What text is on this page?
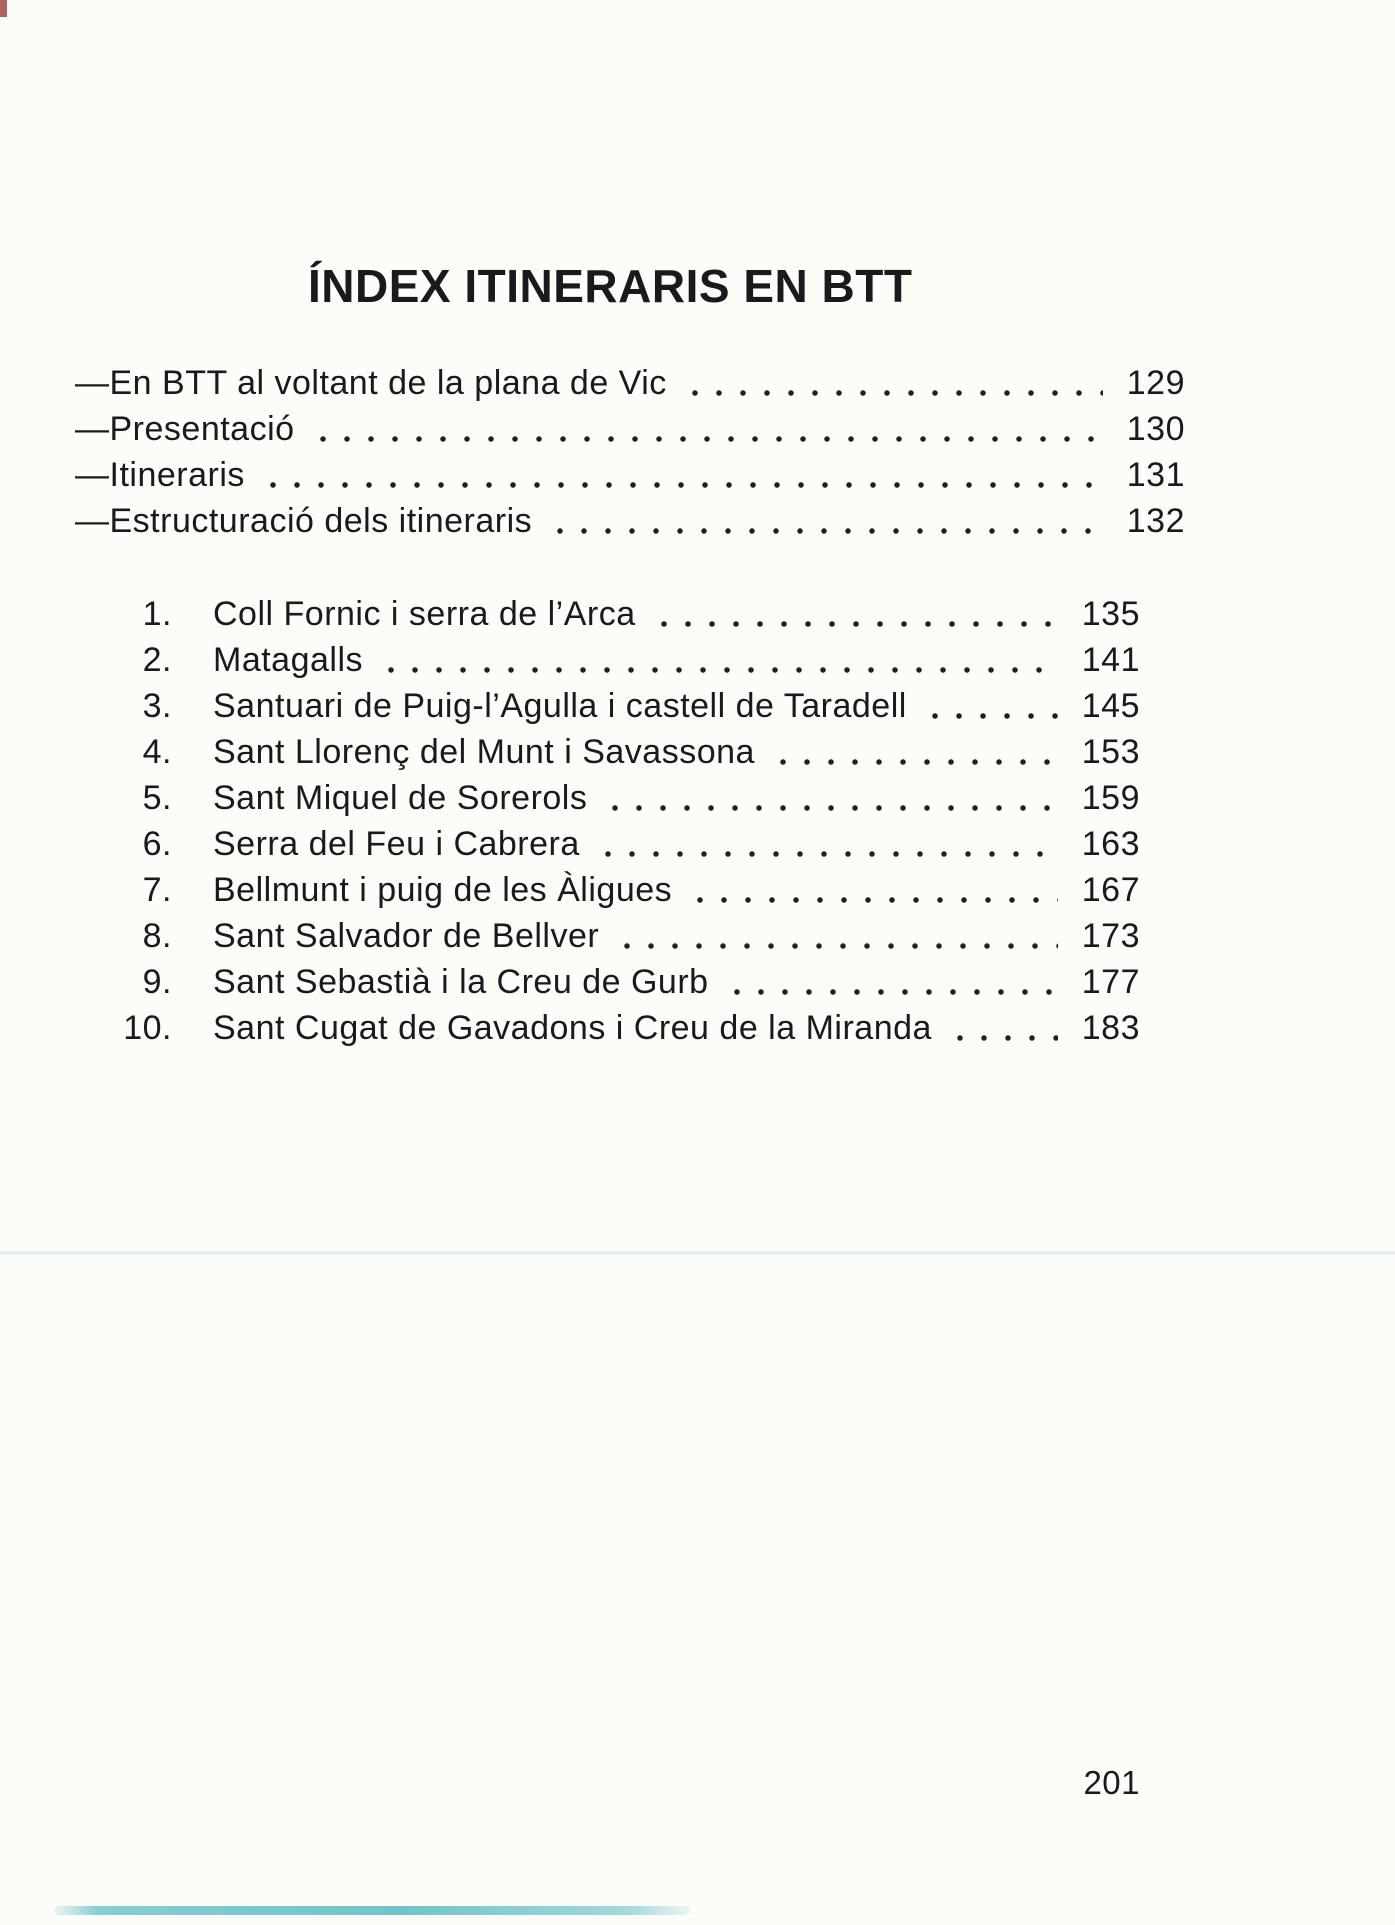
ÍNDEX ITINERARIS EN BTT
—En BTT al voltant de la plana de Vic	129
—Presentació	130
—Itineraris	131
—Estructuració dels itineraris	132
1. Coll Fornic i serra de l’Arca	135
2. Matagalls	141
3. Santuari de Puig-l’Agulla i castell de Taradell	145
4. Sant Llorenç del Munt i Savassona	153
5. Sant Miquel de Sorerols	159
6. Serra del Feu i Cabrera	163
7. Bellmunt i puig de les Àligues	167
8. Sant Salvador de Bellver	173
9. Sant Sebastià i la Creu de Gurb	177
10. Sant Cugat de Gavadons i Creu de la Miranda	183
201
